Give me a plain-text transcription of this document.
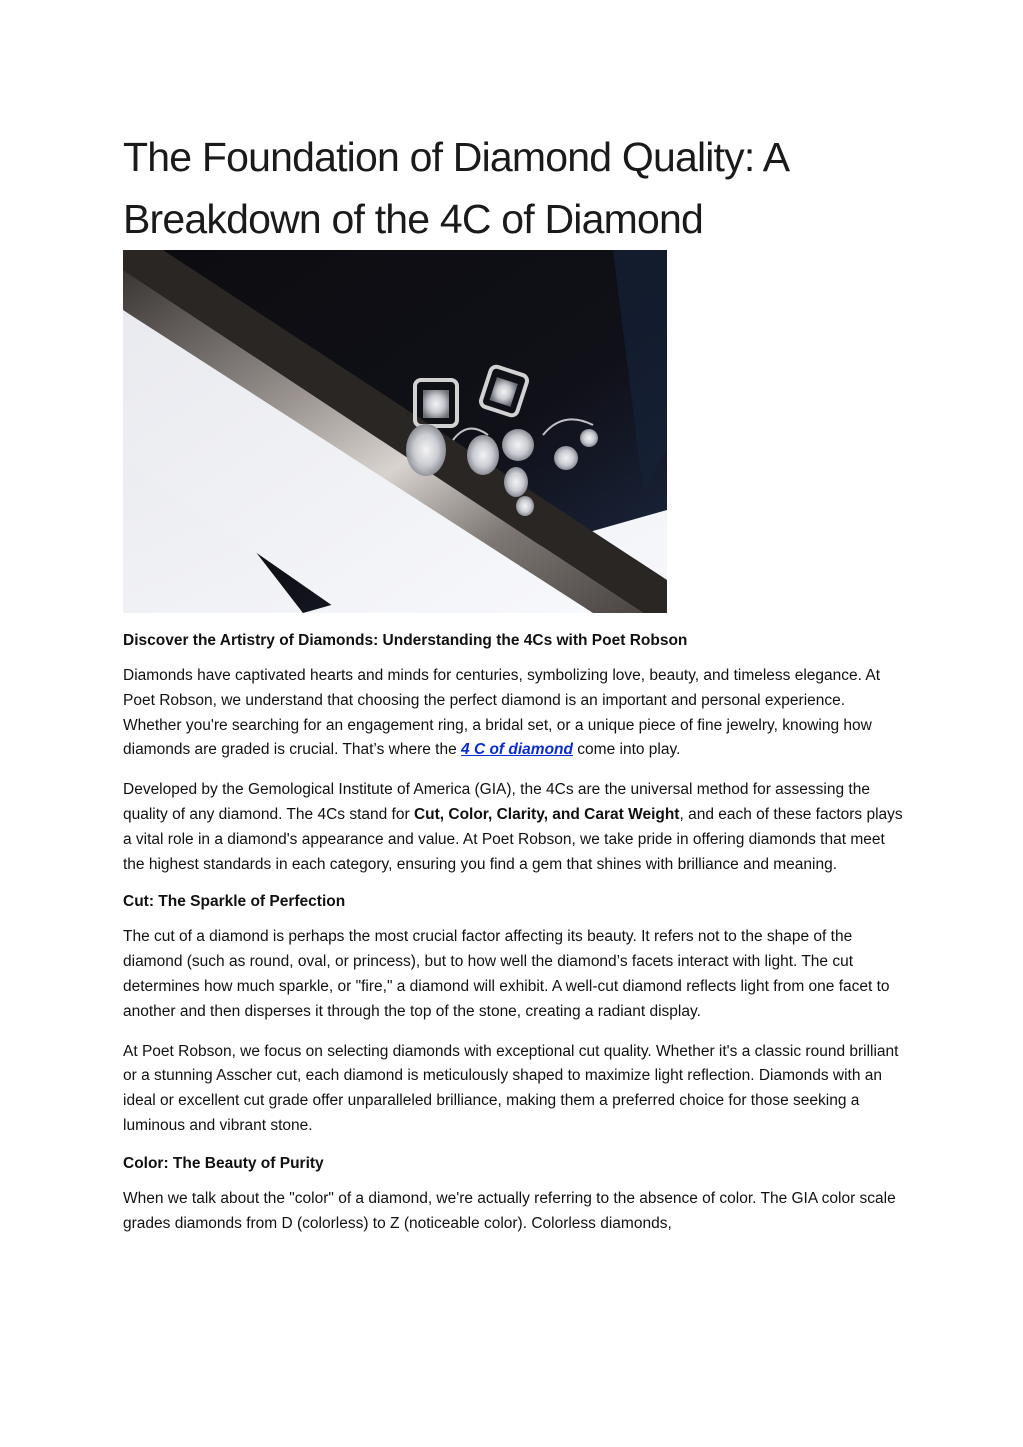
The Foundation of Diamond Quality: A Breakdown of the 4C of Diamond

Discover the Artistry of Diamonds: Understanding the 4Cs with Poet Robson

Diamonds have captivated hearts and minds for centuries, symbolizing love, beauty, and timeless elegance. At Poet Robson, we understand that choosing the perfect diamond is an important and personal experience. Whether you're searching for an engagement ring, a bridal set, or a unique piece of fine jewelry, knowing how diamonds are graded is crucial. That’s where the 4 C of diamond come into play.

Developed by the Gemological Institute of America (GIA), the 4Cs are the universal method for assessing the quality of any diamond. The 4Cs stand for Cut, Color, Clarity, and Carat Weight, and each of these factors plays a vital role in a diamond's appearance and value. At Poet Robson, we take pride in offering diamonds that meet the highest standards in each category, ensuring you find a gem that shines with brilliance and meaning.

Cut: The Sparkle of Perfection

The cut of a diamond is perhaps the most crucial factor affecting its beauty. It refers not to the shape of the diamond (such as round, oval, or princess), but to how well the diamond’s facets interact with light. The cut determines how much sparkle, or "fire," a diamond will exhibit. A well-cut diamond reflects light from one facet to another and then disperses it through the top of the stone, creating a radiant display.

At Poet Robson, we focus on selecting diamonds with exceptional cut quality. Whether it's a classic round brilliant or a stunning Asscher cut, each diamond is meticulously shaped to maximize light reflection. Diamonds with an ideal or excellent cut grade offer unparalleled brilliance, making them a preferred choice for those seeking a luminous and vibrant stone.

Color: The Beauty of Purity

When we talk about the "color" of a diamond, we're actually referring to the absence of color. The GIA color scale grades diamonds from D (colorless) to Z (noticeable color). Colorless diamonds,
